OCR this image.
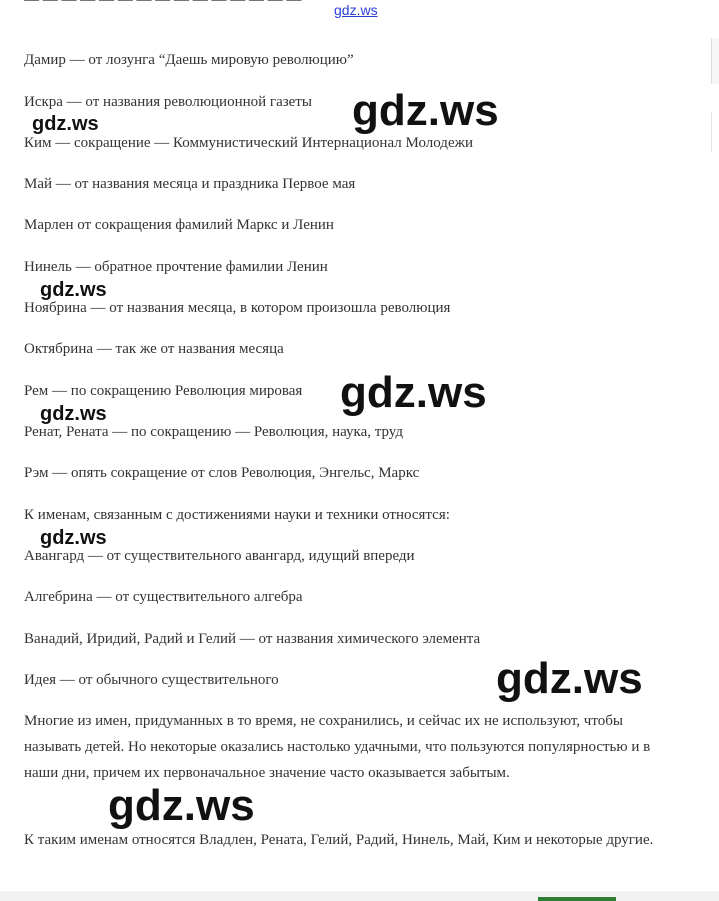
gdz.ws
— — — — — — — — — — — — — — —

Дамир — от лозунга “Даешь мировую революцию”

Искра — от названия революционной газеты

Ким — сокращение — Коммунистический Интернационал Молодежи

Май — от названия месяца и праздника Первое мая

Марлен от сокращения фамилий Маркс и Ленин

Нинель — обратное прочтение фамилии Ленин

Ноябрина — от названия месяца, в котором произошла революция

Октябрина — так же от названия месяца

Рем — по сокращению Революция мировая

Ренат, Рената — по сокращению — Революция, наука, труд

Рэм — опять сокращение от слов Революция, Энгельс, Маркс

К именам, связанным с достижениями науки и техники относятся:

Авангард — от существительного авангард, идущий впереди

Алгебрина — от существительного алгебра

Ванадий, Иридий, Радий и Гелий — от названия химического элемента

Идея — от обычного существительного

Многие из имен, придуманных в то время, не сохранились, и сейчас их не используют, чтобы называть детей. Но некоторые оказались настолько удачными, что пользуются популярностью и в наши дни, причем их первоначальное значение часто оказывается забытым.

К таким именам относятся Владлен, Рената, Гелий, Радий, Нинель, Май, Ким и некоторые другие.

gdz.ws
gdz.ws
gdz.ws
gdz.ws
gdz.ws
gdz.ws
gdz.ws
gdz.ws
